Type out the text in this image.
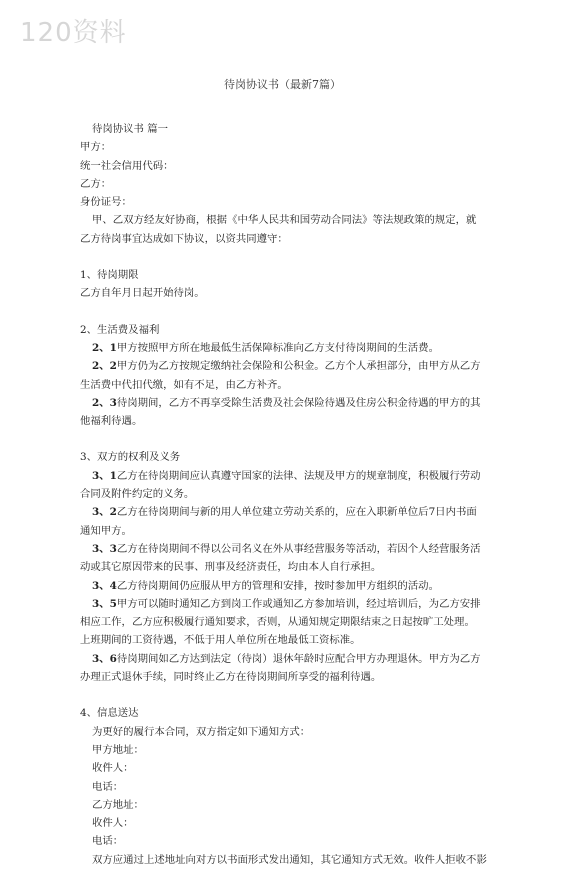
120资料
待岗协议书（最新7篇）

待岗协议书 篇一

甲方：

统一社会信用代码：

乙方：

身份证号：

甲、乙双方经友好协商，根据《中华人民共和国劳动合同法》等法规政策的规定，就乙方待岗事宜达成如下协议，以资共同遵守：

1、待岗期限

乙方自年月日起开始待岗。

2、生活费及福利

2、1甲方按照甲方所在地最低生活保障标准向乙方支付待岗期间的生活费。

2、2甲方仍为乙方按规定缴纳社会保险和公积金。乙方个人承担部分，由甲方从乙方生活费中代扣代缴，如有不足，由乙方补齐。

2、3待岗期间，乙方不再享受除生活费及社会保险待遇及住房公积金待遇的甲方的其他福利待遇。

3、双方的权利及义务

3、1乙方在待岗期间应认真遵守国家的法律、法规及甲方的规章制度，积极履行劳动合同及附件约定的义务。

3、2乙方在待岗期间与新的用人单位建立劳动关系的，应在入职新单位后7日内书面通知甲方。

3、3乙方在待岗期间不得以公司名义在外从事经营服务等活动，若因个人经营服务活动或其它原因带来的民事、刑事及经济责任，均由本人自行承担。

3、4乙方待岗期间仍应服从甲方的管理和安排，按时参加甲方组织的活动。

3、5甲方可以随时通知乙方到岗工作或通知乙方参加培训，经过培训后，为乙方安排相应工作，乙方应积极履行通知要求，否则，从通知规定期限结束之日起按旷工处理。上班期间的工资待遇，不低于用人单位所在地最低工资标准。

3、6待岗期间如乙方达到法定（待岗）退休年龄时应配合甲方办理退休。甲方为乙方办理正式退休手续，同时终止乙方在待岗期间所享受的福利待遇。

4、信息送达

为更好的履行本合同，双方指定如下通知方式：

甲方地址：

收件人：

电话：

乙方地址：

收件人：

电话：

双方应通过上述地址向对方以书面形式发出通知，其它通知方式无效。收件人拒收不影
